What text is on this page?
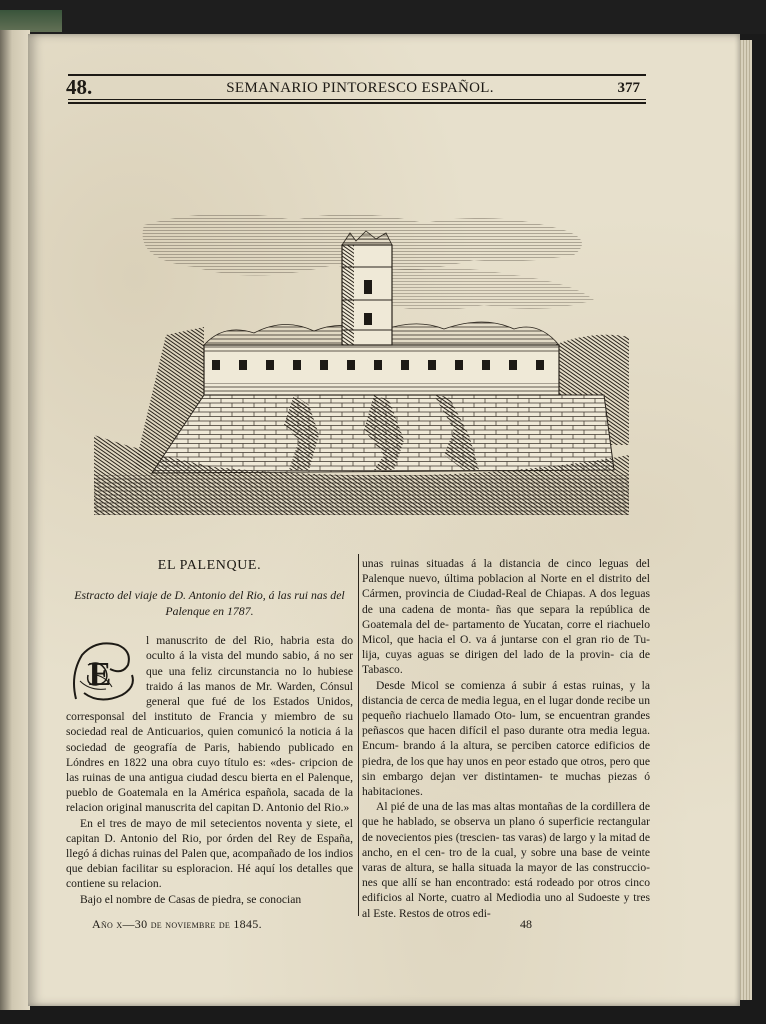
48.	SEMANARIO PINTORESCO ESPAÑOL.	377
EL PALENQUE.
Estracto del viaje de D. Antonio del Rio, á las rui nas del Palenque en 1787.

E
l manuscrito de del Rio, habria esta do oculto á la vista del mundo sabio, á no ser que una feliz circunstancia no lo hubiese traido á las manos de Mr. Warden, Cónsul general que fué de los Estados Unidos, corresponsal del instituto de Francia y miembro de su sociedad real de Anticuarios, quien comunicó la noticia á la sociedad de geografía de Paris, habiendo publicado en Lóndres en 1822 una obra cuyo título es: «des- cripcion de las ruinas de una antigua ciudad descu bierta en el Palenque, pueblo de Goatemala en la América española, sacada de la relacion original manuscrita del capitan D. Antonio del Rio.»

En el tres de mayo de mil setecientos noventa y siete, el capitan D. Antonio del Rio, por órden del Rey de España, llegó á dichas ruinas del Palen que, acompañado de los indios que debian facilitar su esploracion. Hé aquí los detalles que contiene su relacion.

Bajo el nombre de Casas de piedra, se conocian

unas ruinas situadas á la distancia de cinco leguas del Palenque nuevo, última poblacion al Norte en el distrito del Cármen, provincia de Ciudad-Real de Chiapas. A dos leguas de una cadena de monta- ñas que separa la república de Goatemala del de- partamento de Yucatan, corre el riachuelo Micol, que hacia el O. va á juntarse con el gran rio de Tu- lija, cuyas aguas se dirigen del lado de la provin- cia de Tabasco.

Desde Micol se comienza á subir á estas ruinas, y la distancia de cerca de media legua, en el lugar donde recibe un pequeño riachuelo llamado Oto- lum, se encuentran grandes peñascos que hacen difícil el paso durante otra media legua. Encum- brando á la altura, se perciben catorce edificios de piedra, de los que hay unos en peor estado que otros, pero que sin embargo dejan ver distintamen- te muchas piezas ó habitaciones.

Al pié de una de las mas altas montañas de la cordillera de que he hablado, se observa un plano ó superficie rectangular de novecientos pies (trescien- tas varas) de largo y la mitad de ancho, en el cen- tro de la cual, y sobre una base de veinte varas de altura, se halla situada la mayor de las construccio- nes que allí se han encontrado: está rodeado por otros cinco edificios al Norte, cuatro al Mediodia uno al Sudoeste y tres al Este. Restos de otros edi-

Año x—30 de noviembre de 1845.	48
